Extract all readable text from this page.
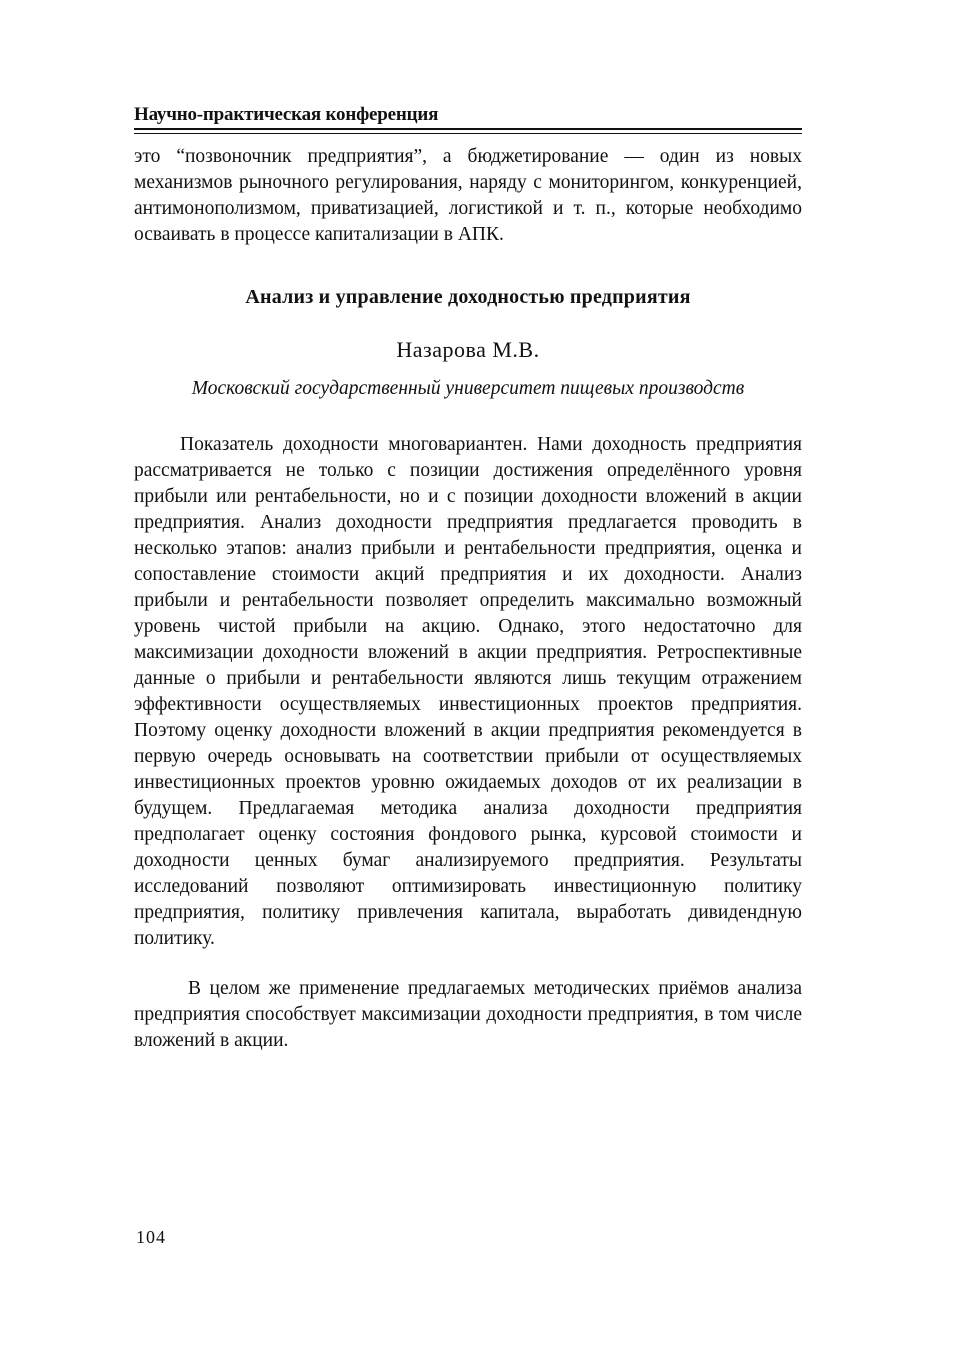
Научно-практическая конференция

это “позвоночник предприятия”, а бюджетирование — один из новых механизмов рыночного регулирования, наряду с мониторингом, конкуренцией, антимонополизмом, приватизацией, логистикой и т. п., которые необходимо осваивать в процессе капитализации в АПК.

Анализ и управление доходностью предприятия
Назарова М.В.
Московский государственный университет пищевых производств

Показатель доходности многовариантен. Нами доходность предприятия рассматривается не только с позиции достижения определённого уровня прибыли или рентабельности, но и с позиции доходности вложений в акции предприятия. Анализ доходности предприятия предлагается проводить в несколько этапов: анализ прибыли и рентабельности предприятия, оценка и сопоставление стоимости акций предприятия и их доходности. Анализ прибыли и рентабельности позволяет определить максимально возможный уровень чистой прибыли на акцию. Однако, этого недостаточно для максимизации доходности вложений в акции предприятия. Ретроспективные данные о прибыли и рентабельности являются лишь текущим отражением эффективности осуществляемых инвестиционных проектов предприятия. Поэтому оценку доходности вложений в акции предприятия рекомендуется в первую очередь основывать на соответствии прибыли от осуществляемых инвестиционных проектов уровню ожидаемых доходов от их реализации в будущем. Предлагаемая методика анализа доходности предприятия предполагает оценку состояния фондового рынка, курсовой стоимости и доходности ценных бумаг анализируемого предприятия. Результаты исследований позволяют оптимизировать инвестиционную политику предприятия, политику привлечения капитала, выработать дивидендную политику.

В целом же применение предлагаемых методических приёмов анализа предприятия способствует максимизации доходности предприятия, в том числе вложений в акции.

104
